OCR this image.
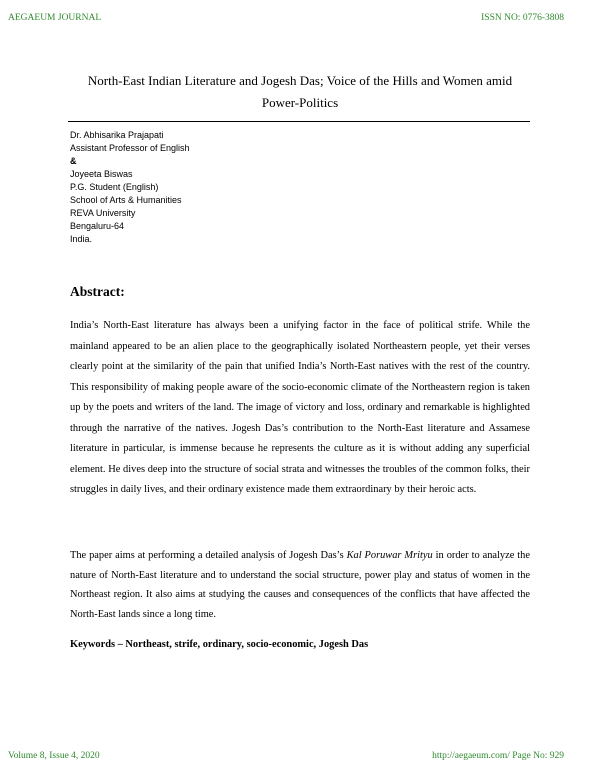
AEGAEUM JOURNAL	ISSN NO: 0776-3808
North-East Indian Literature and Jogesh Das; Voice of the Hills and Women amid
Power-Politics
Dr. Abhisarika Prajapati
Assistant Professor of English
&
Joyeeta Biswas
P.G. Student (English)
School of Arts & Humanities
REVA University
Bengaluru-64
India.
Abstract:
India’s North-East literature has always been a unifying factor in the face of political strife. While the mainland appeared to be an alien place to the geographically isolated Northeastern people, yet their verses clearly point at the similarity of the pain that unified India’s North-East natives with the rest of the country. This responsibility of making people aware of the socio-economic climate of the Northeastern region is taken up by the poets and writers of the land. The image of victory and loss, ordinary and remarkable is highlighted through the narrative of the natives. Jogesh Das’s contribution to the North-East literature and Assamese literature in particular, is immense because he represents the culture as it is without adding any superficial element. He dives deep into the structure of social strata and witnesses the troubles of the common folks, their struggles in daily lives, and their ordinary existence made them extraordinary by their heroic acts.
The paper aims at performing a detailed analysis of Jogesh Das’s Kal Poruwar Mrityu in order to analyze the nature of North-East literature and to understand the social structure, power play and status of women in the Northeast region. It also aims at studying the causes and consequences of the conflicts that have affected the North-East lands since a long time.
Keywords – Northeast, strife, ordinary, socio-economic, Jogesh Das
Volume 8, Issue 4, 2020	http://aegaeum.com/ Page No: 929
